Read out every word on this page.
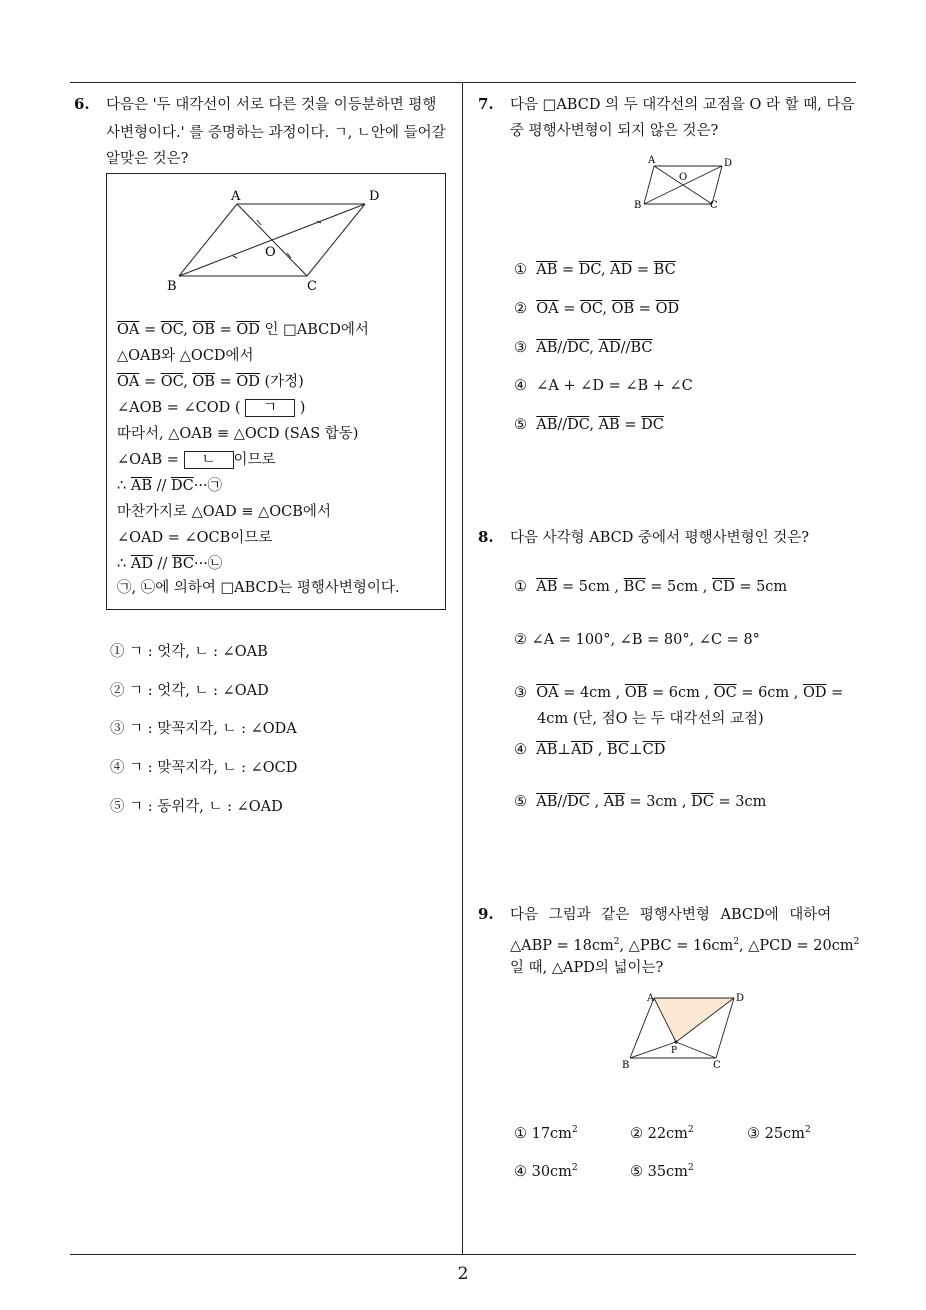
6. 다음은 '두 대각선이 서로 다른 것을 이등분하면 평행
사변형이다.' 를 증명하는 과정이다. ㄱ, ㄴ안에 들어갈
알맞은 것은?
A	D
B	C
O
$\overline{OA} = \overline{OC}$, $\overline{OB} = \overline{OD}$ 인 □ABCD에서
△OAB와 △OCD에서
$\overline{OA} = \overline{OC}$, $\overline{OB} = \overline{OD}$ (가정)
∠AOB = ∠COD ( ㄱ )
따라서, △OAB ≡ △OCD (SAS 합동)
∠OAB = ㄴ 이므로
∴ $\overline{AB}$ // $\overline{DC}\cdot\cdot\cdot㉠$
마찬가지로 △OAD ≡ △OCB에서
∠OAD = ∠OCB이므로
∴ $\overline{AD}$ // $\overline{BC}\cdot\cdot\cdot㉡$
㉠, ㉡에 의하여 □ABCD는 평행사변형이다.
① ㄱ : 엇각, ㄴ : ∠OAB
② ㄱ : 엇각, ㄴ : ∠OAD
③ ㄱ : 맞꼭지각, ㄴ : ∠ODA
④ ㄱ : 맞꼭지각, ㄴ : ∠OCD
⑤ ㄱ : 동위각, ㄴ : ∠OAD
7. 다음 □ABCD 의 두 대각선의 교점을 O 라 할 때, 다음
중 평행사변형이 되지 않은 것은?
A	D
B	C
O
① $\overline{AB} = \overline{DC}$, $\overline{AD} = \overline{BC}$
② $\overline{OA} = \overline{OC}$, $\overline{OB} = \overline{OD}$
③ $\overline{AB}//\overline{DC}$, $\overline{AD}//\overline{BC}$
④ ∠A + ∠D = ∠B + ∠C
⑤ $\overline{AB}//\overline{DC}$, $\overline{AB} = \overline{DC}$
8. 다음 사각형 ABCD 중에서 평행사변형인 것은?
① $\overline{AB} = 5cm$ , $\overline{BC} = 5cm$ , $\overline{CD} = 5cm$
② ∠A = 100°, ∠B = 80°, ∠C = 8°
③ $\overline{OA} = 4cm$ , $\overline{OB} = 6cm$ , $\overline{OC} = 6cm$ , $\overline{OD}$ =
4cm (단, 점O 는 두 대각선의 교점)
④ $\overline{AB}\perp\overline{AD}$ , $\overline{BC}\perp\overline{CD}$
⑤ $\overline{AB}//\overline{DC}$ , $\overline{AB} = 3cm$ , $\overline{DC} = 3cm$
9. 다음 그림과 같은 평행사변형 ABCD에 대하여
△ABP = $18cm^2$, △PBC = $16cm^2$, △PCD = $20cm^2$
일 때, △APD의 넓이는?
A	D
B	C
P
① $17cm^2$	② $22cm^2$	③ $25cm^2$
④ $30cm^2$	⑤ $35cm^2$
2
